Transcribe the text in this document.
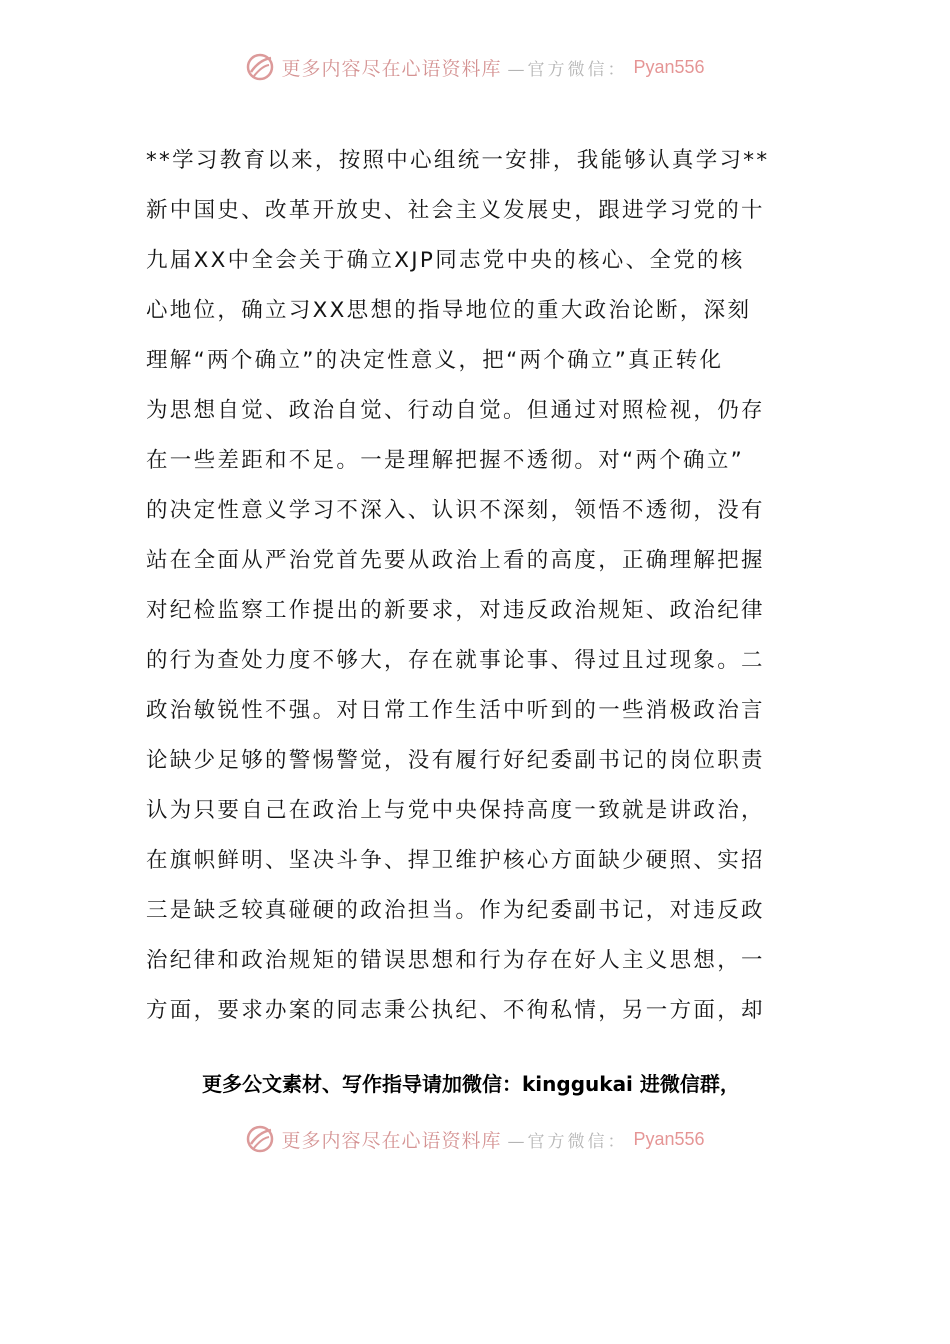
更多内容尽在心语资料库 —官方微信： Pyan556
**学习教育以来，按照中心组统一安排，我能够认真学习**
新中国史、改革开放史、社会主义发展史，跟进学习党的十
九届XX中全会关于确立XJP同志党中央的核心、全党的核
心地位，确立习XX思想的指导地位的重大政治论断，深刻
理解“两个确立”的决定性意义，把“两个确立”真正转化
为思想自觉、政治自觉、行动自觉。但通过对照检视，仍存
在一些差距和不足。一是理解把握不透彻。对“两个确立”
的决定性意义学习不深入、认识不深刻，领悟不透彻，没有
站在全面从严治党首先要从政治上看的高度，正确理解把握
对纪检监察工作提出的新要求，对违反政治规矩、政治纪律
的行为查处力度不够大，存在就事论事、得过且过现象。二
政治敏锐性不强。对日常工作生活中听到的一些消极政治言
论缺少足够的警惕警觉，没有履行好纪委副书记的岗位职责
认为只要自己在政治上与党中央保持高度一致就是讲政治，
在旗帜鲜明、坚决斗争、捍卫维护核心方面缺少硬照、实招
三是缺乏较真碰硬的政治担当。作为纪委副书记，对违反政
治纪律和政治规矩的错误思想和行为存在好人主义思想，一
方面，要求办案的同志秉公执纪、不徇私情，另一方面，却
更多公文素材、写作指导请加微信：kinggukai 进微信群，
更多内容尽在心语资料库 —官方微信： Pyan556
